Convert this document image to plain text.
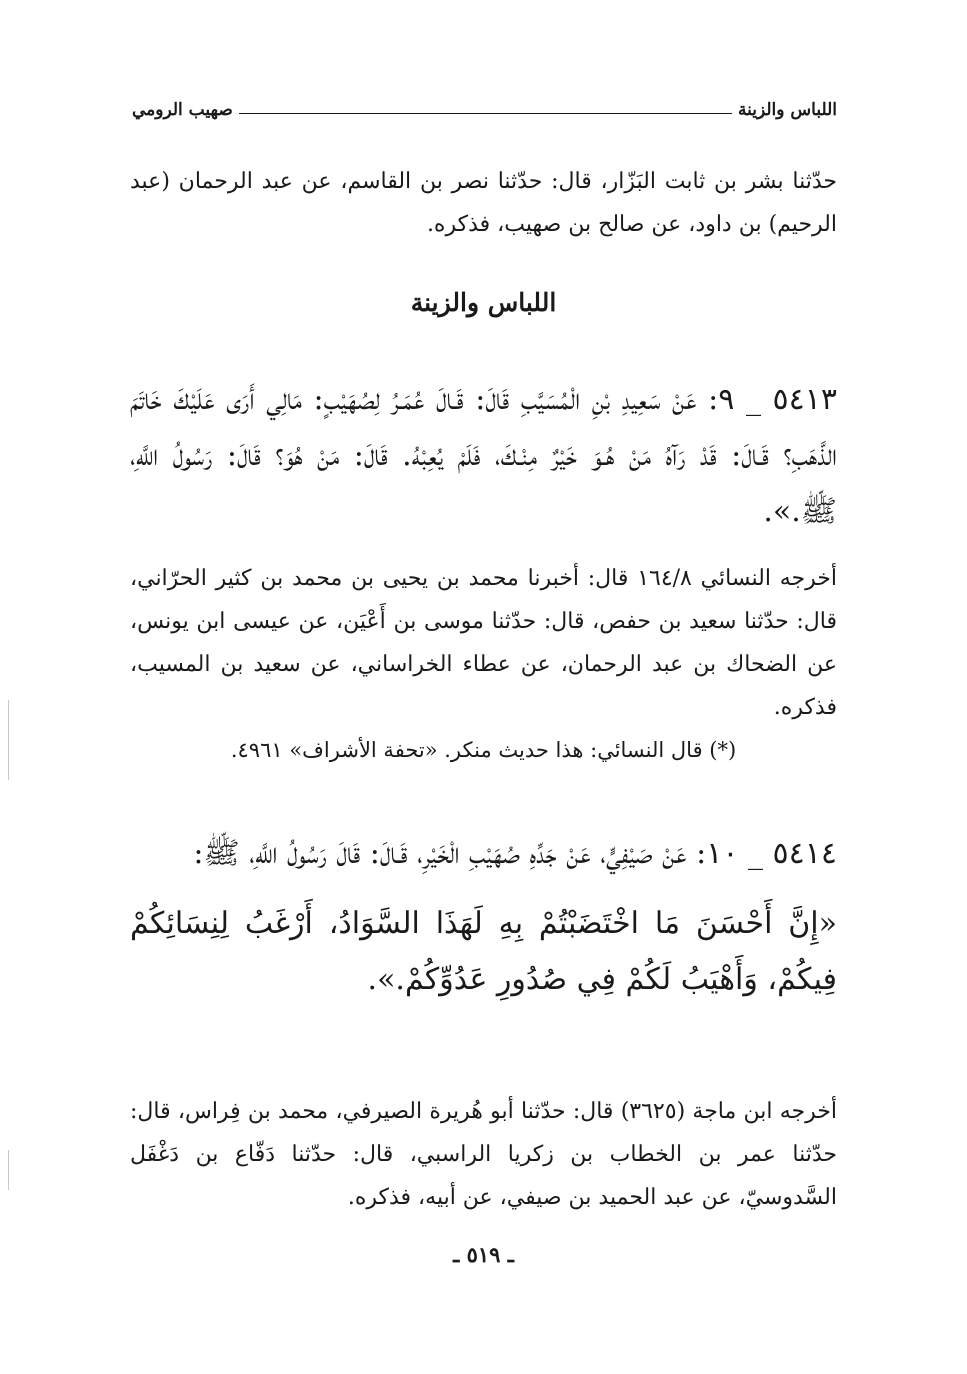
اللباس والزينة
صهيب الرومي

حدّثنا بشر بن ثابت البَزّار، قال: حدّثنا نصر بن القاسم، عن عبد الرحمان (عبد الرحيم) بن داود، عن صالح بن صهيب، فذكره.

اللباس والزينة

٥٤١٣ _ ٩: عَنْ سَعِيدِ بْنِ الْمُسَيَّبِ قَالَ: قَـالَ عُمَـرُ لِصُهَيْبٍ: مَالِي أَرَى عَلَيْكَ خَاتَمَ الذَّهَبِ؟ قَـالَ: قَدْ رَآهُ مَنْ هُـوَ خَيْرٌ مِنْـكَ، فَلَمْ يُعِبْهُ. قَالَ: مَنْ هُوَ؟ قَالَ: رَسُولُ اللَّهِ، ﷺ.».

أخرجه النسائي ١٦٤/٨ قال: أخبرنا محمد بن يحيى بن محمد بن كثير الحرّاني، قال: حدّثنا سعيد بن حفص، قال: حدّثنا موسى بن أَعْيَن، عن عيسى ابن يونس، عن الضحاك بن عبد الرحمان، عن عطاء الخراساني، عن سعيد بن المسيب، فذكره.

(*) قال النسائي: هذا حديث منكر. «تحفة الأشراف» ٤٩٦١.

٥٤١٤ _ ١٠: عَنْ صَيْفِيٍّ، عَنْ جَدِّهِ صُهَيْبِ الْخَيْرِ، قَـالَ: قَالَ رَسُولُ اللَّهِ، ﷺ:

«إِنَّ أَحْسَنَ مَا اخْتَضَبْتُمْ بِهِ لَهَذَا السَّوَادُ، أَرْغَبُ لِنِسَائِكُمْ فِيكُمْ، وَأَهْيَبُ لَكُمْ فِي صُدُورِ عَدُوِّكُمْ.».

أخرجه ابن ماجة (٣٦٢٥) قال: حدّثنا أبو هُريرة الصيرفي، محمد بن فِراس، قال: حدّثنا عمر بن الخطاب بن زكريا الراسبي، قال: حدّثنا دَفّاع بن دَغْفَل السَّدوسيّ، عن عبد الحميد بن صيفي، عن أبيه، فذكره.

ـ ٥١٩ ـ
